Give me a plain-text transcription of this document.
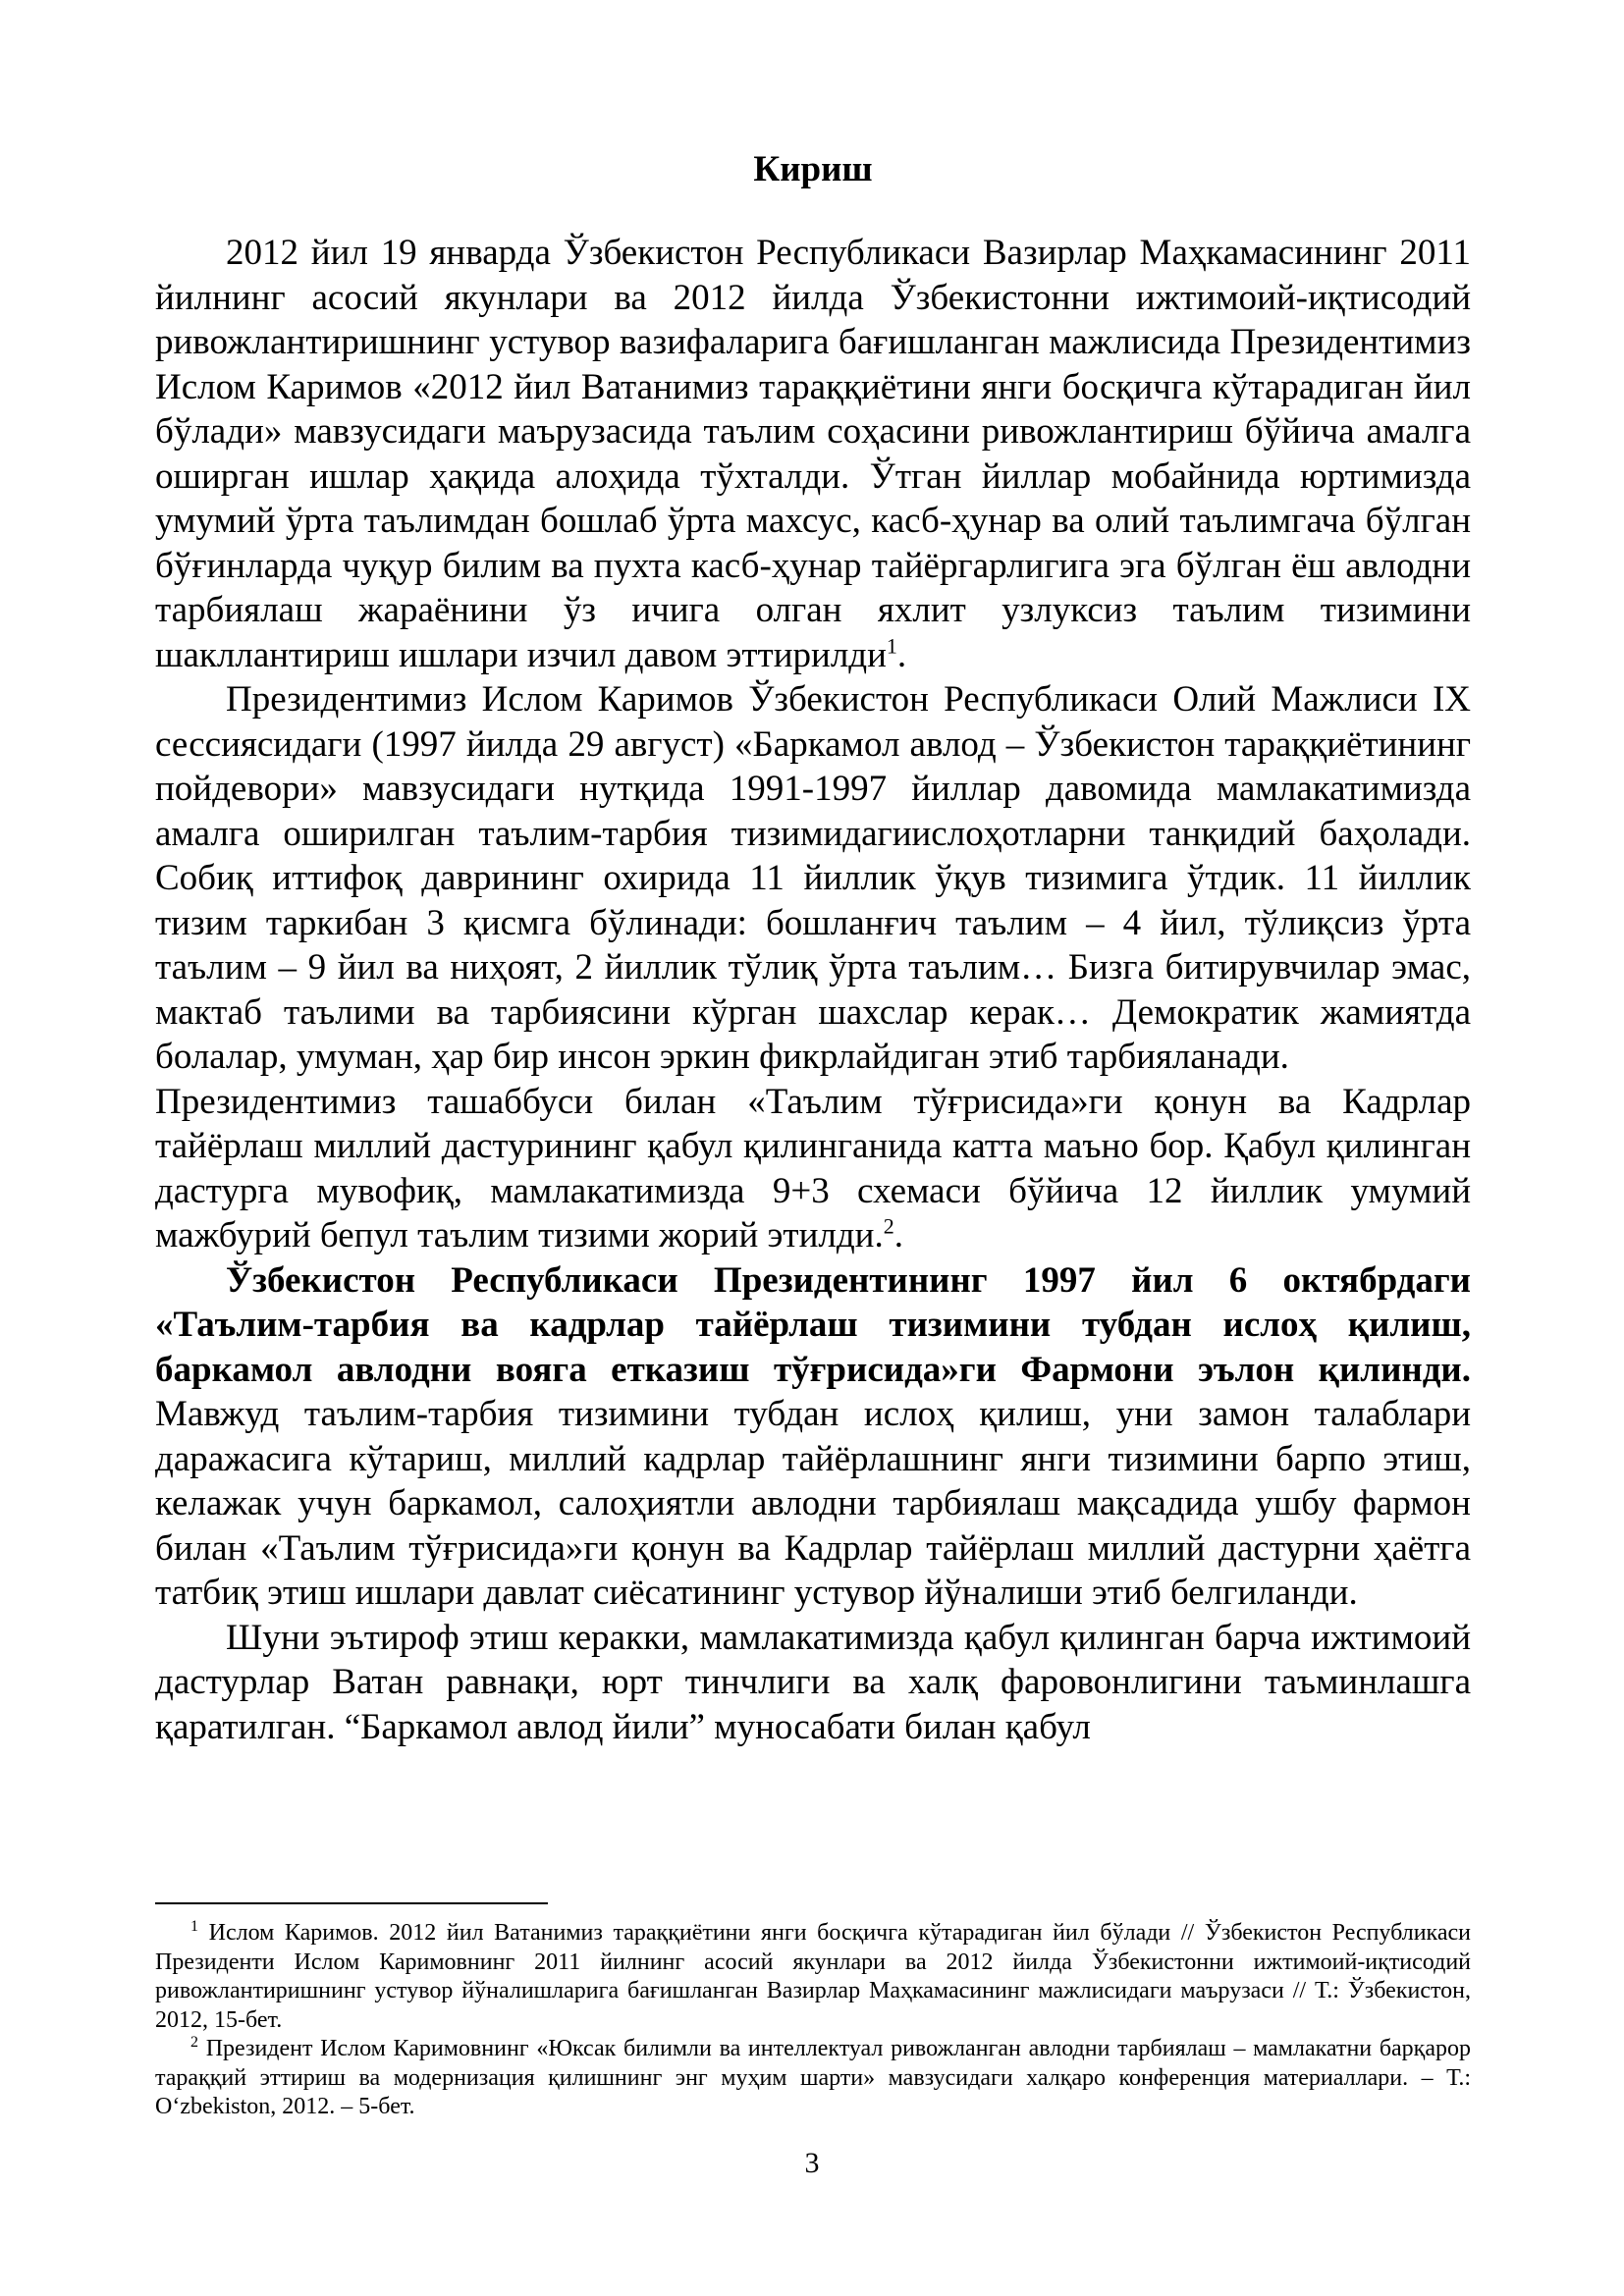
Кириш

2012 йил 19 январда Ўзбекистон Республикаси Вазирлар Маҳкамасининг 2011 йилнинг асосий якунлари ва 2012 йилда Ўзбекистонни ижтимоий-иқтисодий ривожлантиришнинг устувор вазифаларига бағишланган мажлисида Президентимиз Ислом Каримов «2012 йил Ватанимиз тараққиётини янги босқичга кўтарадиган йил бўлади» мавзусидаги маърузасида таълим соҳасини ривожлантириш бўйича амалга оширган ишлар ҳақида алоҳида тўхталди. Ўтган йиллар мобайнида юртимизда умумий ўрта таълимдан бошлаб ўрта махсус, касб-ҳунар ва олий таълимгача бўлган бўғинларда чуқур билим ва пухта касб-ҳунар тайёргарлигига эга бўлган ёш авлодни тарбиялаш жараёнини ўз ичига олган яхлит узлуксиз таълим тизимини шакллантириш ишлари изчил давом эттирилди$^1$.

Президентимиз Ислом Каримов Ўзбекистон Республикаси Олий Мажлиси IX сессиясидаги (1997 йилда 29 август) «Баркамол авлод – Ўзбекистон тараққиётининг пойдевори» мавзусидаги нутқида 1991-1997 йиллар давомида мамлакатимизда амалга оширилган таълим-тарбия тизимидагиислоҳотларни танқидий баҳолади. Собиқ иттифоқ даврининг охирида 11 йиллик ўқув тизимига ўтдик. 11 йиллик тизим таркибан 3 қисмга бўлинади: бошланғич таълим – 4 йил, тўлиқсиз ўрта таълим – 9 йил ва ниҳоят, 2 йиллик тўлиқ ўрта таълим… Бизга битирувчилар эмас, мактаб таълими ва тарбиясини кўрган шахслар керак… Демократик жамиятда болалар, умуман, ҳар бир инсон эркин фикрлайдиган этиб тарбияланади.

Президентимиз ташаббуси билан «Таълим тўғрисида»ги қонун ва Кадрлар тайёрлаш миллий дастурининг қабул қилинганида катта маъно бор. Қабул қилинган дастурга мувофиқ, мамлакатимизда 9+3 схемаси бўйича 12 йиллик умумий мажбурий бепул таълим тизими жорий этилди.$^2$.

Ўзбекистон Республикаси Президентининг 1997 йил 6 октябрдаги «Таълим-тарбия ва кадрлар тайёрлаш тизимини тубдан ислоҳ қилиш, баркамол авлодни вояга етказиш тўғрисида»ги Фармони эълон қилинди. Мавжуд таълим-тарбия тизимини тубдан ислоҳ қилиш, уни замон талаблари даражасига кўтариш, миллий кадрлар тайёрлашнинг янги тизимини барпо этиш, келажак учун баркамол, салоҳиятли авлодни тарбиялаш мақсадида ушбу фармон билан «Таълим тўғрисида»ги қонун ва Кадрлар тайёрлаш миллий дастурни ҳаётга татбиқ этиш ишлари давлат сиёсатининг устувор йўналиши этиб белгиланди.

Шуни эътироф этиш керакки, мамлакатимизда қабул қилинган барча ижтимоий дастурлар Ватан равнақи, юрт тинчлиги ва халқ фаровонлигини таъминлашга қаратилган. “Баркамол авлод йили” муносабати билан қабул

$^1$ Ислом Каримов. 2012 йил Ватанимиз тараққиётини янги босқичга кўтарадиган йил бўлади // Ўзбекистон Республикаси Президенти Ислом Каримовнинг 2011 йилнинг асосий якунлари ва 2012 йилда Ўзбекистонни ижтимоий-иқтисодий ривожлантиришнинг устувор йўналишларига бағишланган Вазирлар Маҳкамасининг мажлисидаги маърузаси // Т.: Ўзбекистон, 2012, 15-бет.

$^2$ Президент Ислом Каримовнинг «Юксак билимли ва интеллектуал ривожланган авлодни тарбиялаш – мамлакатни барқарор тараққий эттириш ва модернизация қилишнинг энг муҳим шарти» мавзусидаги халқаро конференция материаллари. – Т.: O‘zbekiston, 2012. – 5-бет.

3
